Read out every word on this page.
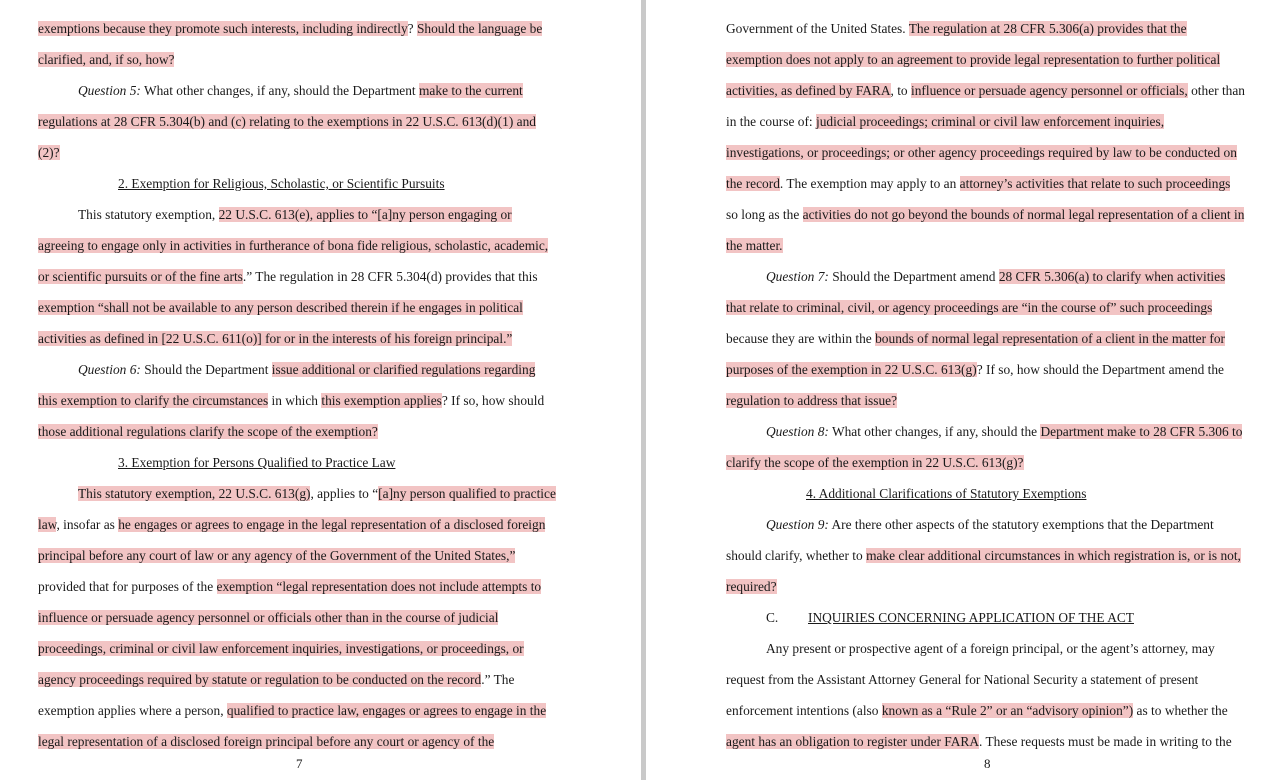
exemptions because they promote such interests, including indirectly? Should the language be
clarified, and, if so, how?
Question 5: What other changes, if any, should the Department make to the current
regulations at 28 CFR 5.304(b) and (c) relating to the exemptions in 22 U.S.C. 613(d)(1) and
(2)?
2. Exemption for Religious, Scholastic, or Scientific Pursuits
This statutory exemption, 22 U.S.C. 613(e), applies to “[a]ny person engaging or
agreeing to engage only in activities in furtherance of bona fide religious, scholastic, academic,
or scientific pursuits or of the fine arts.” The regulation in 28 CFR 5.304(d) provides that this
exemption “shall not be available to any person described therein if he engages in political
activities as defined in [22 U.S.C. 611(o)] for or in the interests of his foreign principal.”
Question 6: Should the Department issue additional or clarified regulations regarding
this exemption to clarify the circumstances in which this exemption applies? If so, how should
those additional regulations clarify the scope of the exemption?
3. Exemption for Persons Qualified to Practice Law
This statutory exemption, 22 U.S.C. 613(g), applies to “[a]ny person qualified to practice
law, insofar as he engages or agrees to engage in the legal representation of a disclosed foreign
principal before any court of law or any agency of the Government of the United States,”
provided that for purposes of the exemption “legal representation does not include attempts to
influence or persuade agency personnel or officials other than in the course of judicial
proceedings, criminal or civil law enforcement inquiries, investigations, or proceedings, or
agency proceedings required by statute or regulation to be conducted on the record.” The
exemption applies where a person, qualified to practice law, engages or agrees to engage in the
legal representation of a disclosed foreign principal before any court or agency of the
7
Government of the United States. The regulation at 28 CFR 5.306(a) provides that the
exemption does not apply to an agreement to provide legal representation to further political
activities, as defined by FARA, to influence or persuade agency personnel or officials, other than
in the course of: judicial proceedings; criminal or civil law enforcement inquiries,
investigations, or proceedings; or other agency proceedings required by law to be conducted on
the record. The exemption may apply to an attorney’s activities that relate to such proceedings
so long as the activities do not go beyond the bounds of normal legal representation of a client in
the matter.
Question 7: Should the Department amend 28 CFR 5.306(a) to clarify when activities
that relate to criminal, civil, or agency proceedings are “in the course of” such proceedings
because they are within the bounds of normal legal representation of a client in the matter for
purposes of the exemption in 22 U.S.C. 613(g)? If so, how should the Department amend the
regulation to address that issue?
Question 8: What other changes, if any, should the Department make to 28 CFR 5.306 to
clarify the scope of the exemption in 22 U.S.C. 613(g)?
4. Additional Clarifications of Statutory Exemptions
Question 9: Are there other aspects of the statutory exemptions that the Department
should clarify, whether to make clear additional circumstances in which registration is, or is not,
required?
C. INQUIRIES CONCERNING APPLICATION OF THE ACT
Any present or prospective agent of a foreign principal, or the agent’s attorney, may
request from the Assistant Attorney General for National Security a statement of present
enforcement intentions (also known as a “Rule 2” or an “advisory opinion”) as to whether the
agent has an obligation to register under FARA. These requests must be made in writing to the
8
